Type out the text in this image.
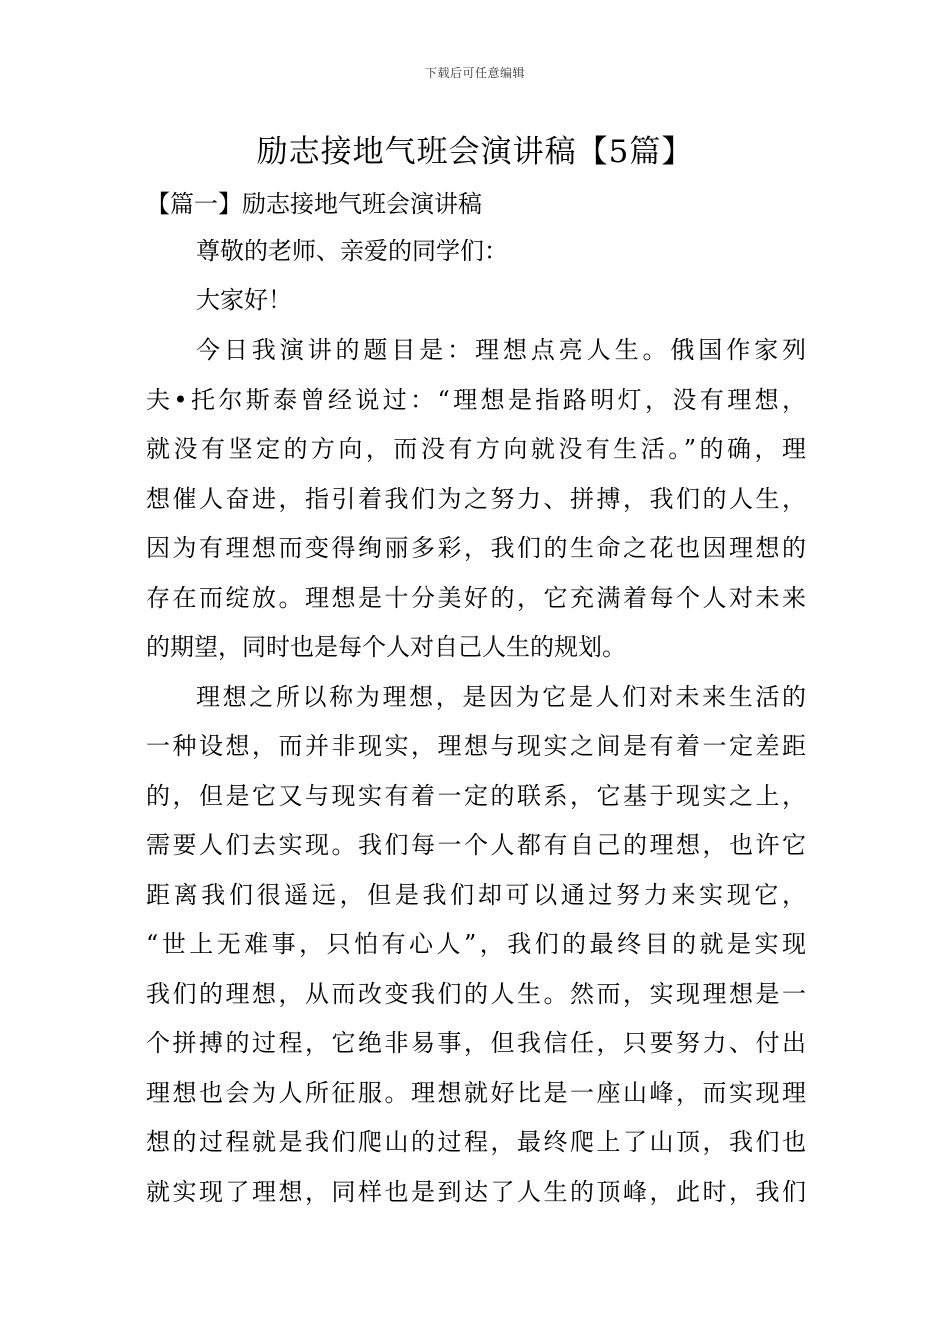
下载后可任意编辑
励志接地气班会演讲稿【5篇】
【篇一】励志接地气班会演讲稿
尊敬的老师、亲爱的同学们：
大家好！
今日我演讲的题目是：理想点亮人生。俄国作家列
夫•托尔斯泰曾经说过：“理想是指路明灯，没有理想，
就没有坚定的方向，而没有方向就没有生活。”的确，理
想催人奋进，指引着我们为之努力、拼搏，我们的人生，
因为有理想而变得绚丽多彩，我们的生命之花也因理想的
存在而绽放。理想是十分美好的，它充满着每个人对未来
的期望，同时也是每个人对自己人生的规划。
理想之所以称为理想，是因为它是人们对未来生活的
一种设想，而并非现实，理想与现实之间是有着一定差距
的，但是它又与现实有着一定的联系，它基于现实之上，
需要人们去实现。我们每一个人都有自己的理想，也许它
距离我们很遥远，但是我们却可以通过努力来实现它，
“世上无难事，只怕有心人”，我们的最终目的就是实现
我们的理想，从而改变我们的人生。然而，实现理想是一
个拼搏的过程，它绝非易事，但我信任，只要努力、付出
理想也会为人所征服。理想就好比是一座山峰，而实现理
想的过程就是我们爬山的过程，最终爬上了山顶，我们也
就实现了理想，同样也是到达了人生的顶峰，此时，我们
